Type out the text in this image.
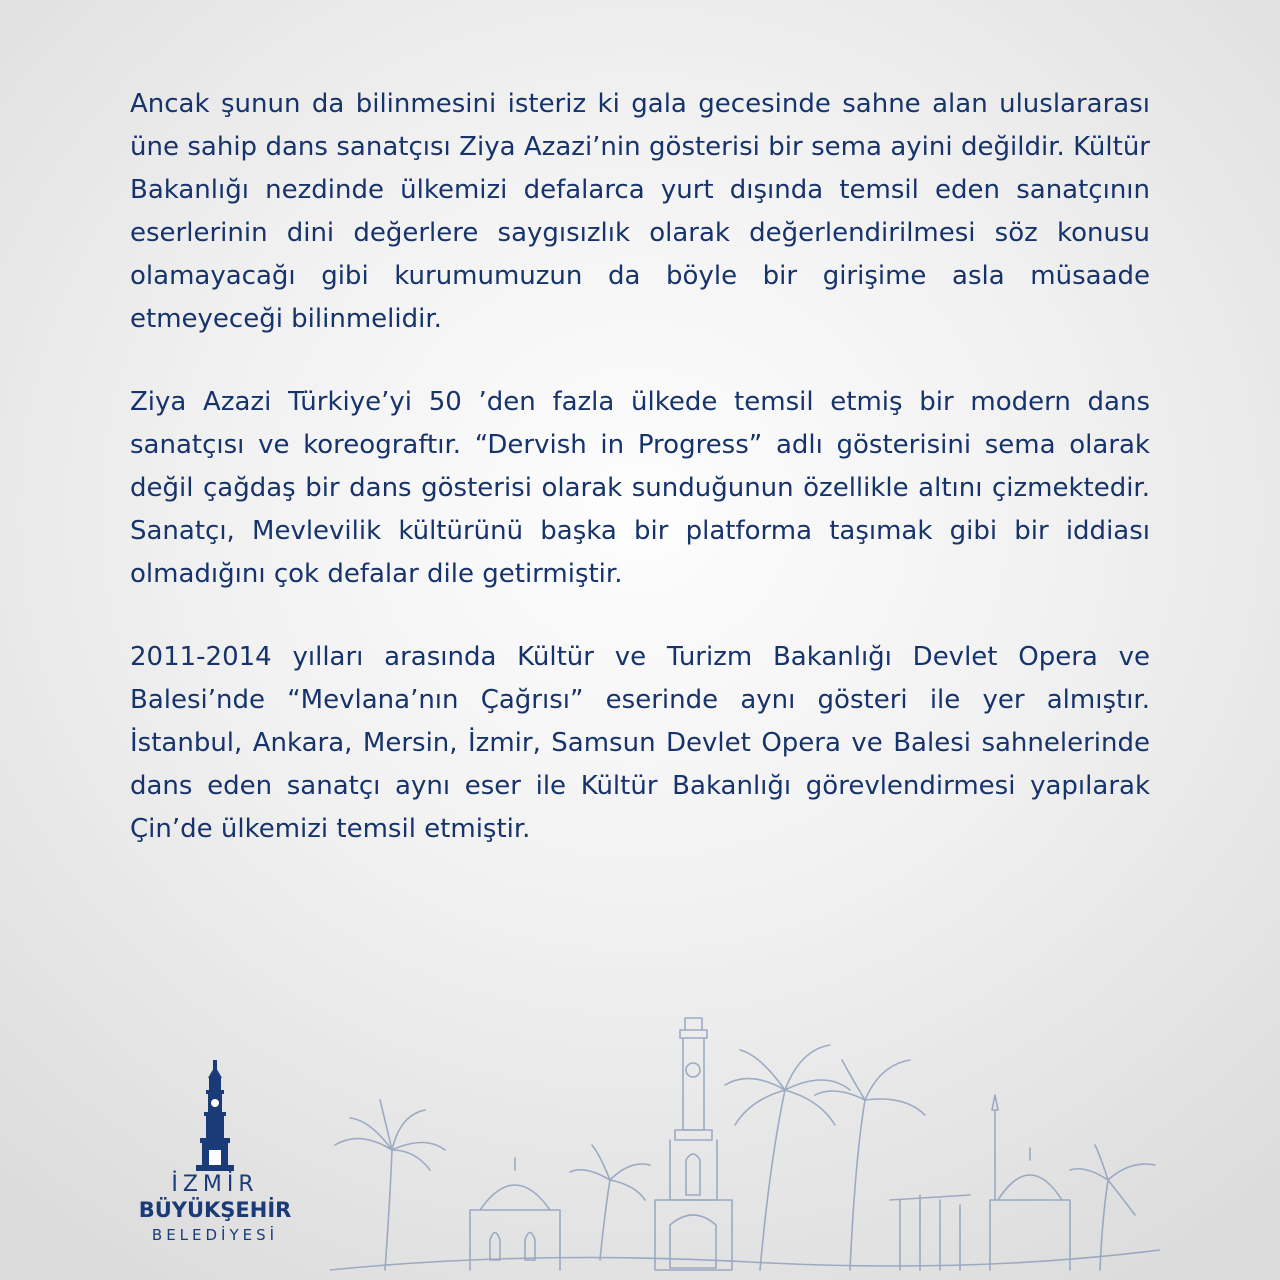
Ancak şunun da bilinmesini isteriz ki gala gecesinde sahne alan uluslararası üne sahip dans sanatçısı Ziya Azazi’nin gösterisi bir sema ayini değildir. Kültür Bakanlığı nezdinde ülkemizi defalarca yurt dışında temsil eden sanatçının eserlerinin dini değerlere saygısızlık olarak değerlendirilmesi söz konusu olamayacağı gibi kurumumuzun da böyle bir girişime asla müsaade etmeyeceği bilinmelidir.

Ziya Azazi Türkiye’yi 50 ’den fazla ülkede temsil etmiş bir modern dans sanatçısı ve koreograftır. “Dervish in Progress” adlı gösterisini sema olarak değil çağdaş bir dans gösterisi olarak sunduğunun özellikle altını çizmektedir. Sanatçı, Mevlevilik kültürünü başka bir platforma taşımak gibi bir iddiası olmadığını çok defalar dile getirmiştir.

2011-2014 yılları arasında Kültür ve Turizm Bakanlığı Devlet Opera ve Balesi’nde “Mevlana’nın Çağrısı” eserinde aynı gösteri ile yer almıştır. İstanbul, Ankara, Mersin, İzmir, Samsun Devlet Opera ve Balesi sahnelerinde dans eden sanatçı aynı eser ile Kültür Bakanlığı görevlendirmesi yapılarak Çin’de ülkemizi temsil etmiştir.

İZMİR
BÜYÜKŞEHİR
BELEDİYESİ
